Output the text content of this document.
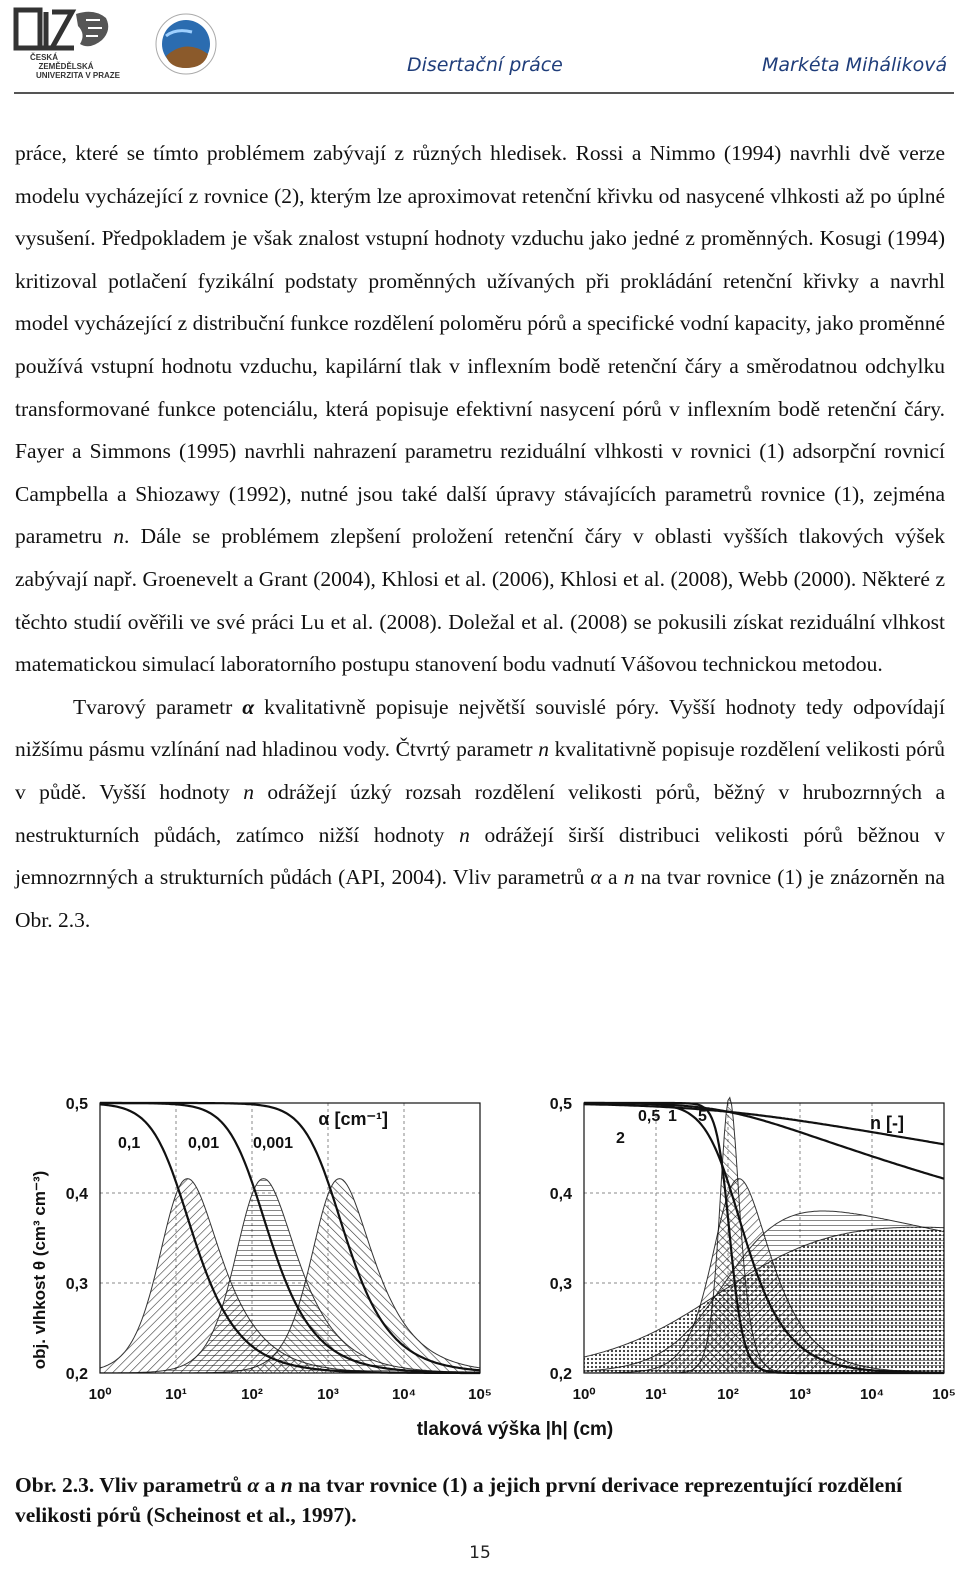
ČESKÁ
ZEMĚDĚLSKÁ
UNIVERZITA V PRAZE	Disertační práce	Markéta Miháliková

práce, které se tímto problémem zabývají z různých hledisek. Rossi a Nimmo (1994) navrhli dvě verze modelu vycházející z rovnice (2), kterým lze aproximovat retenční křivku od nasycené vlhkosti až po úplné vysušení. Předpokladem je však znalost vstupní hodnoty vzduchu jako jedné z proměnných. Kosugi (1994) kritizoval potlačení fyzikální podstaty proměnných užívaných při prokládání retenční křivky a navrhl model vycházející z distribuční funkce rozdělení poloměru pórů a specifické vodní kapacity, jako proměnné používá vstupní hodnotu vzduchu, kapilární tlak v inflexním bodě retenční čáry a směrodatnou odchylku transformované funkce potenciálu, která popisuje efektivní nasycení pórů v inflexním bodě retenční čáry. Fayer a Simmons (1995) navrhli nahrazení parametru reziduální vlhkosti v rovnici (1) adsorpční rovnicí Campbella a Shiozawy (1992), nutné jsou také další úpravy stávajících parametrů rovnice (1), zejména parametru n. Dále se problémem zlepšení proložení retenční čáry v oblasti vyšších tlakových výšek zabývají např. Groenevelt a Grant (2004), Khlosi et al. (2006), Khlosi et al. (2008), Webb (2000). Některé z těchto studií ověřili ve své práci Lu et al. (2008). Doležal et al. (2008) se pokusili získat reziduální vlhkost matematickou simulací laboratorního postupu stanovení bodu vadnutí Vášovou technickou metodou.

Tvarový parametr α kvalitativně popisuje největší souvislé póry. Vyšší hodnoty tedy odpovídají nižšímu pásmu vzlínání nad hladinou vody. Čtvrtý parametr n kvalitativně popisuje rozdělení velikosti pórů v půdě. Vyšší hodnoty n odrážejí úzký rozsah rozdělení velikosti pórů, běžný v hrubozrnných a nestrukturních půdách, zatímco nižší hodnoty n odrážejí širší distribuci velikosti pórů běžnou v jemnozrnných a strukturních půdách (API, 2004). Vliv parametrů α a n na tvar rovnice (1) je znázorněn na Obr. 2.3.

obj. vlhkost θ (cm³ cm⁻³)
tlaková výška |h| (cm)
10⁰	10¹	10²	10³	10⁴	10⁵
0,5
0,4
0,3
0,2
0,1	0,01 0,001
α [cm⁻¹]
10⁰	10¹	10²	10³	10⁴	10⁵
0,5
0,4
0,3
0,2
0,5 1
2
5	n [-]
Obr. 2.3. Vliv parametrů α a n na tvar rovnice (1) a jejich první derivace reprezentující rozdělení velikosti pórů (Scheinost et al., 1997).
15
